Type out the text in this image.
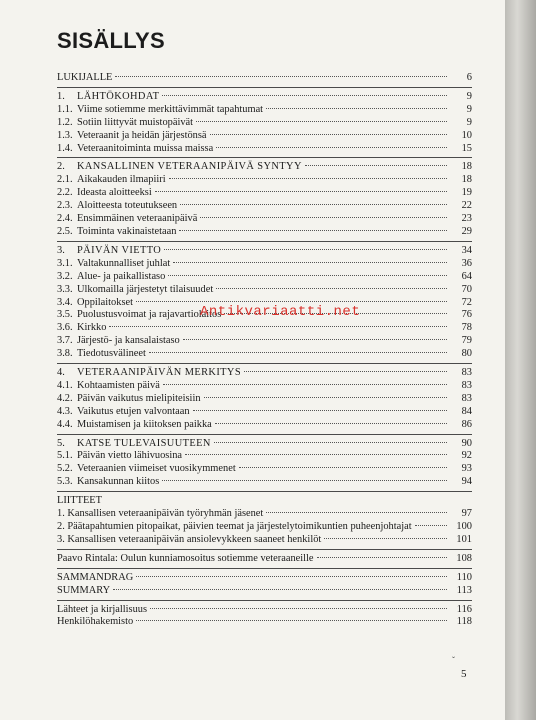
SISÄLLYS
LUKIJALLE	6
1.	LÄHTÖKOHDAT	9
1.1. Viime sotiemme merkittävimmät tapahtumat	9
1.2. Sotiin liittyvät muistopäivät	9
1.3. Veteraanit ja heidän järjestönsä	10
1.4. Veteraanitoiminta muissa maissa	15
2.	KANSALLINEN VETERAANIPÄIVÄ SYNTYY	18
2.1. Aikakauden ilmapiiri	18
2.2. Ideasta aloitteeksi	19
2.3. Aloitteesta toteutukseen	22
2.4. Ensimmäinen veteraanipäivä	23
2.5. Toiminta vakinaistetaan	29
3.	PÄIVÄN VIETTO	34
3.1. Valtakunnalliset juhlat	36
3.2. Alue- ja paikallistaso	64
3.3. Ulkomailla järjestetyt tilaisuudet	70
3.4. Oppilaitokset	72
3.5. Puolustusvoimat ja rajavartiolaitos	76
3.6. Kirkko	78
3.7. Järjestö- ja kansalaistaso	79
3.8. Tiedotusvälineet	80
4.	VETERAANIPÄIVÄN MERKITYS	83
4.1. Kohtaamisten päivä	83
4.2. Päivän vaikutus mielipiteisiin	83
4.3. Vaikutus etujen valvontaan	84
4.4. Muistamisen ja kiitoksen paikka	86
5.	KATSE TULEVAISUUTEEN	90
5.1. Päivän vietto lähivuosina	92
5.2. Veteraanien viimeiset vuosikymmenet	93
5.3. Kansakunnan kiitos	94
LIITTEET
1. Kansallisen veteraanipäivän työryhmän jäsenet	97
2. Päätapahtumien pitopaikat, päivien teemat ja järjestelytoimikuntien puheenjohtajat	100
3. Kansallisen veteraanipäivän ansiolevykkeen saaneet henkilöt	101
Paavo Rintala: Oulun kunniamosoitus sotiemme veteraaneille	108
SAMMANDRAG	110
SUMMARY	113
Lähteet ja kirjallisuus	116
Henkilöhakemisto	118
Antikvariaatti.net
ˇ
5
